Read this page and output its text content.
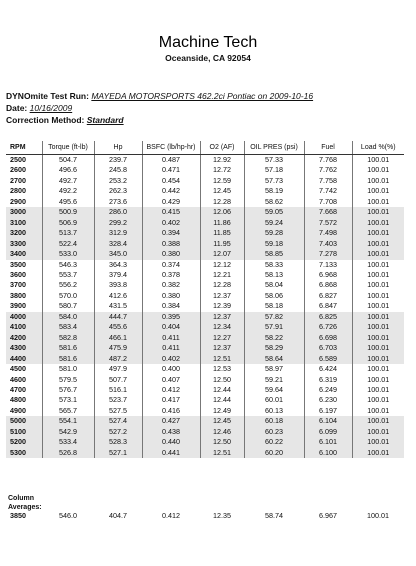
Machine Tech
Oceanside, CA 92054
DYNOmite Test Run: MAYEDA MOTORSPORTS 462.2ci Pontiac on 2009-10-16
Date: 10/16/2009
Correction Method: Standard
RPM	Torque (ft-lb)	Hp	BSFC (lb/hp-hr)	O2 (AF)	OIL PRES (psi)	Fuel	Load %(%)
2500	504.7	239.7	0.487	12.92	57.33	7.768	100.01
2600	496.6	245.8	0.471	12.72	57.18	7.762	100.01
2700	492.7	253.2	0.454	12.59	57.73	7.758	100.01
2800	492.2	262.3	0.442	12.45	58.19	7.742	100.01
2900	495.6	273.6	0.429	12.28	58.62	7.708	100.01
3000	500.9	286.0	0.415	12.06	59.05	7.668	100.01
3100	506.9	299.2	0.402	11.86	59.24	7.572	100.01
3200	513.7	312.9	0.394	11.85	59.28	7.498	100.01
3300	522.4	328.4	0.388	11.95	59.18	7.403	100.01
3400	533.0	345.0	0.380	12.07	58.85	7.278	100.01
3500	546.3	364.3	0.374	12.12	58.33	7.133	100.01
3600	553.7	379.4	0.378	12.21	58.13	6.968	100.01
3700	556.2	393.8	0.382	12.28	58.04	6.868	100.01
3800	570.0	412.6	0.380	12.37	58.06	6.827	100.01
3900	580.7	431.5	0.384	12.39	58.18	6.847	100.01
4000	584.0	444.7	0.395	12.37	57.82	6.825	100.01
4100	583.4	455.6	0.404	12.34	57.91	6.726	100.01
4200	582.8	466.1	0.411	12.27	58.22	6.698	100.01
4300	581.6	475.9	0.411	12.37	58.29	6.703	100.01
4400	581.6	487.2	0.402	12.51	58.64	6.589	100.01
4500	581.0	497.9	0.400	12.53	58.97	6.424	100.01
4600	579.5	507.7	0.407	12.50	59.21	6.319	100.01
4700	576.7	516.1	0.412	12.44	59.64	6.249	100.01
4800	573.1	523.7	0.417	12.44	60.01	6.230	100.01
4900	565.7	527.5	0.416	12.49	60.13	6.197	100.01
5000	554.1	527.4	0.427	12.45	60.18	6.104	100.01
5100	542.9	527.2	0.438	12.46	60.23	6.099	100.01
5200	533.4	528.3	0.440	12.50	60.22	6.101	100.01
5300	526.8	527.1	0.441	12.51	60.20	6.100	100.01
Column
Averages:
3850	546.0	404.7	0.412	12.35	58.74	6.967	100.01
